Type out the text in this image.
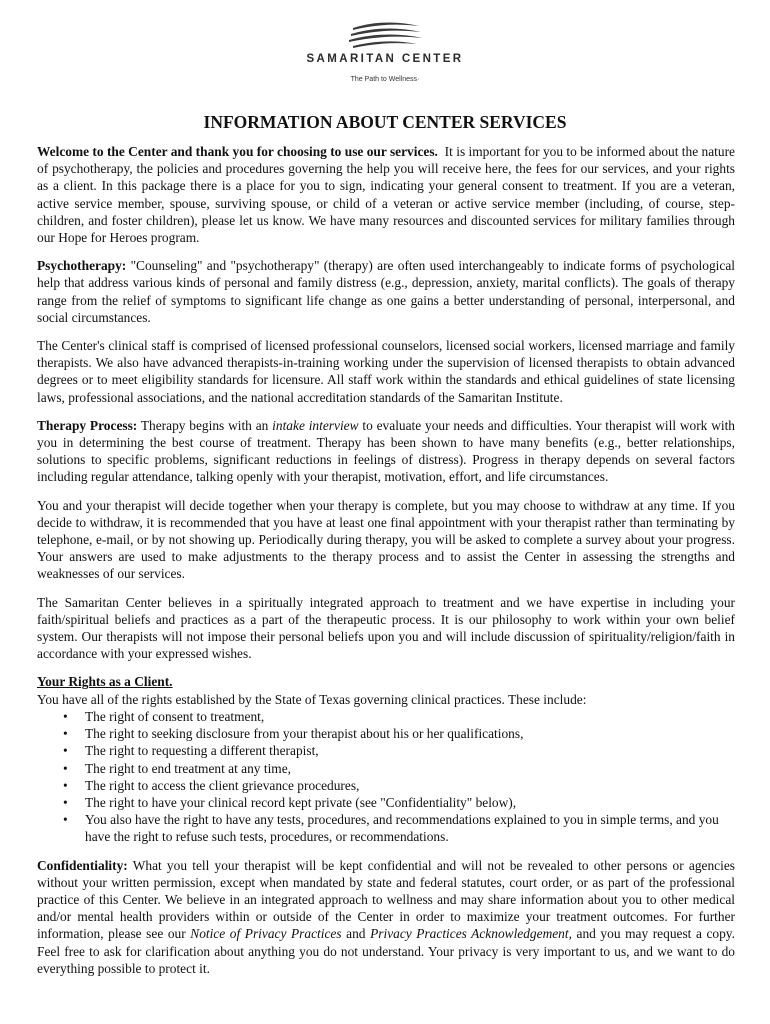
SAMARITAN CENTER
The Path to Wellness·
INFORMATION ABOUT CENTER SERVICES

Welcome to the Center and thank you for choosing to use our services. It is important for you to be informed about the nature of psychotherapy, the policies and procedures governing the help you will receive here, the fees for our services, and your rights as a client. In this package there is a place for you to sign, indicating your general consent to treatment. If you are a veteran, active service member, spouse, surviving spouse, or child of a veteran or active service member (including, of course, step-children, and foster children), please let us know. We have many resources and discounted services for military families through our Hope for Heroes program.

Psychotherapy: "Counseling" and "psychotherapy" (therapy) are often used interchangeably to indicate forms of psychological help that address various kinds of personal and family distress (e.g., depression, anxiety, marital conflicts). The goals of therapy range from the relief of symptoms to significant life change as one gains a better understanding of personal, interpersonal, and social circumstances.

The Center's clinical staff is comprised of licensed professional counselors, licensed social workers, licensed marriage and family therapists. We also have advanced therapists-in-training working under the supervision of licensed therapists to obtain advanced degrees or to meet eligibility standards for licensure. All staff work within the standards and ethical guidelines of state licensing laws, professional associations, and the national accreditation standards of the Samaritan Institute.

Therapy Process: Therapy begins with an intake interview to evaluate your needs and difficulties. Your therapist will work with you in determining the best course of treatment. Therapy has been shown to have many benefits (e.g., better relationships, solutions to specific problems, significant reductions in feelings of distress). Progress in therapy depends on several factors including regular attendance, talking openly with your therapist, motivation, effort, and life circumstances.

You and your therapist will decide together when your therapy is complete, but you may choose to withdraw at any time. If you decide to withdraw, it is recommended that you have at least one final appointment with your therapist rather than terminating by telephone, e-mail, or by not showing up. Periodically during therapy, you will be asked to complete a survey about your progress. Your answers are used to make adjustments to the therapy process and to assist the Center in assessing the strengths and weaknesses of our services.

The Samaritan Center believes in a spiritually integrated approach to treatment and we have expertise in including your faith/spiritual beliefs and practices as a part of the therapeutic process. It is our philosophy to work within your own belief system. Our therapists will not impose their personal beliefs upon you and will include discussion of spirituality/religion/faith in accordance with your expressed wishes.

Your Rights as a Client.
You have all of the rights established by the State of Texas governing clinical practices. These include:
• The right of consent to treatment,
• The right to seeking disclosure from your therapist about his or her qualifications,
• The right to requesting a different therapist,
• The right to end treatment at any time,
• The right to access the client grievance procedures,
• The right to have your clinical record kept private (see "Confidentiality" below),
• You also have the right to have any tests, procedures, and recommendations explained to you in simple terms, and you have the right to refuse such tests, procedures, or recommendations.

Confidentiality: What you tell your therapist will be kept confidential and will not be revealed to other persons or agencies without your written permission, except when mandated by state and federal statutes, court order, or as part of the professional practice of this Center. We believe in an integrated approach to wellness and may share information about you to other medical and/or mental health providers within or outside of the Center in order to maximize your treatment outcomes. For further information, please see our Notice of Privacy Practices and Privacy Practices Acknowledgement, and you may request a copy. Feel free to ask for clarification about anything you do not understand. Your privacy is very important to us, and we want to do everything possible to protect it.
